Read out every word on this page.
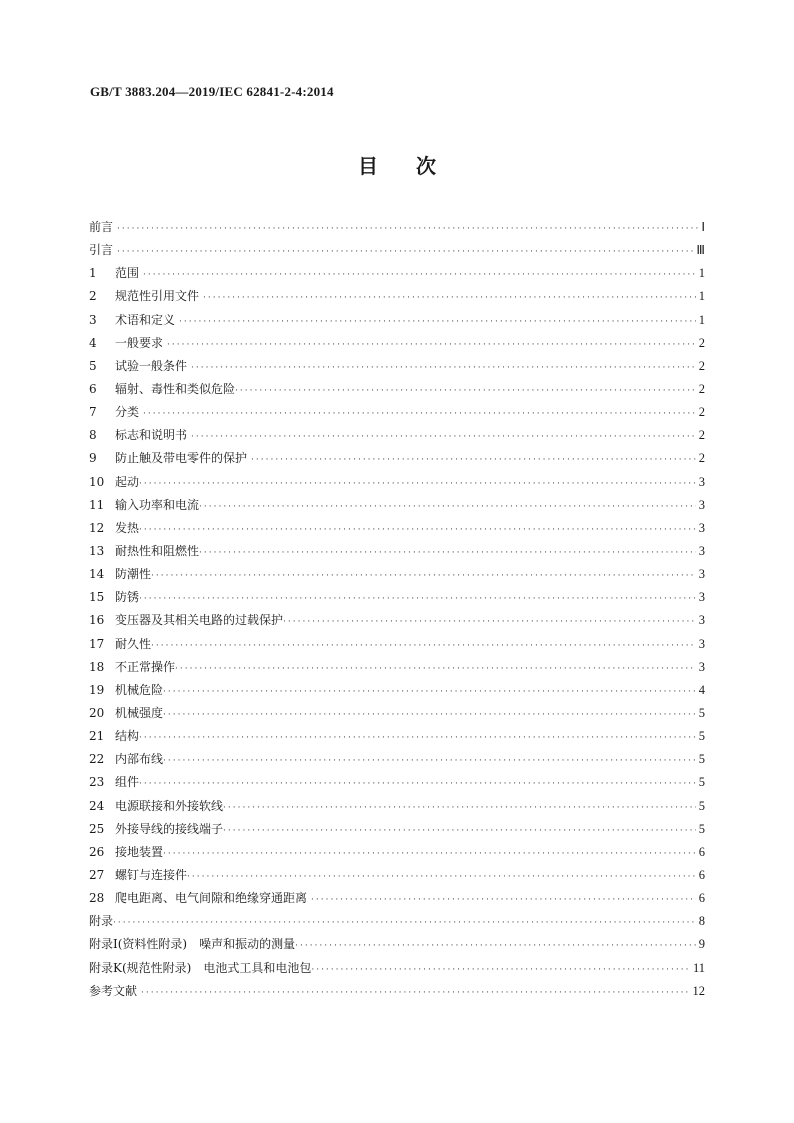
GB/T 3883.204—2019/IEC 62841-2-4:2014
目次
前言 ·····	Ⅰ
引言 ·····	Ⅲ
1	范围 ·····	1
2	规范性引用文件 ·····	1
3	术语和定义 ·····	1
4	一般要求 ·····	2
5	试验一般条件 ·····	2
6	辐射、毒性和类似危险 ·····	2
7	分类 ·····	2
8	标志和说明书 ·····	2
9	防止触及带电零件的保护 ·····	2
10 起动 ·····	3
11 输入功率和电流 ·····	3
12 发热 ·····	3
13 耐热性和阻燃性 ·····	3
14 防潮性 ·····	3
15 防锈 ·····	3
16 变压器及其相关电路的过载保护 ·····	3
17 耐久性 ·····	3
18 不正常操作 ·····	3
19 机械危险 ·····	4
20 机械强度 ·····	5
21 结构 ·····	5
22 内部布线 ·····	5
23 组件 ·····	5
24 电源联接和外接软线 ·····	5
25 外接导线的接线端子 ·····	5
26 接地装置 ·····	6
27 螺钉与连接件 ·····	6
28 爬电距离、电气间隙和绝缘穿通距离 ·····	6
附录 ·····	8
附录Ⅰ(资料性附录)　噪声和振动的测量 ·····	9
附录K(规范性附录)　电池式工具和电池包 ·····	11
参考文献 ·····	12
